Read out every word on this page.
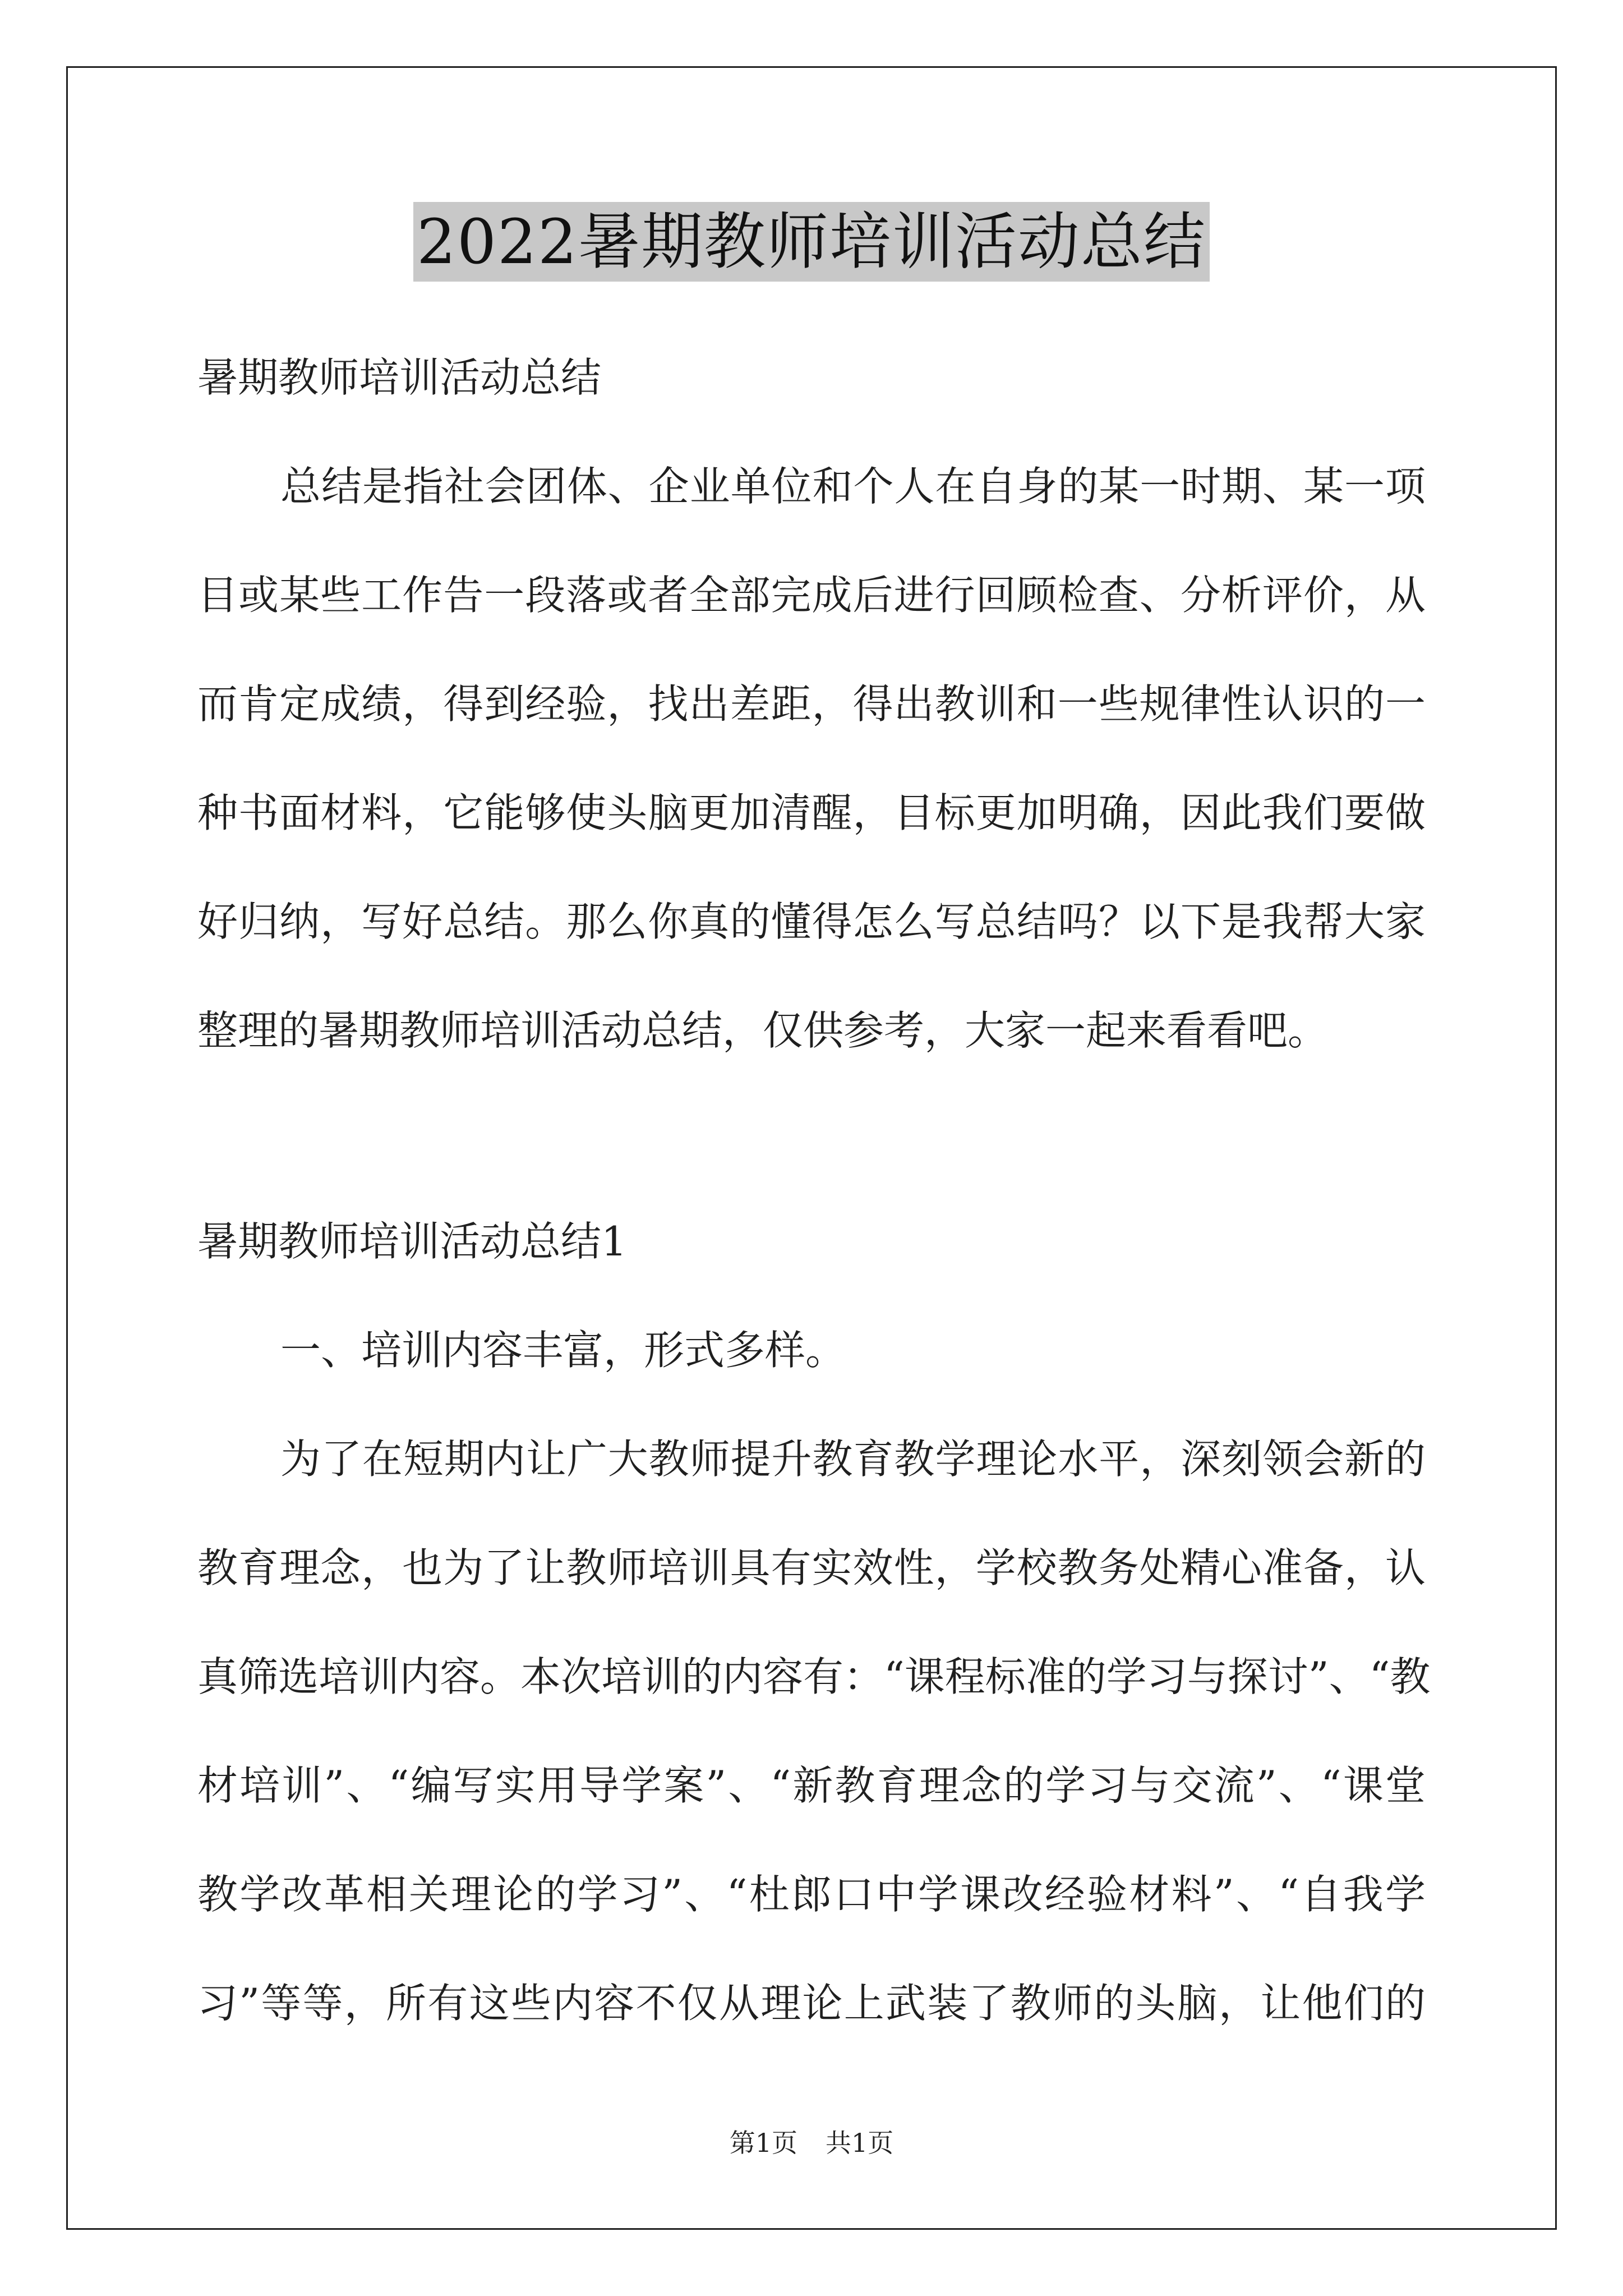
2022暑期教师培训活动总结
暑期教师培训活动总结
总结是指社会团体、企业单位和个人在自身的某一时期、某一项
目或某些工作告一段落或者全部完成后进行回顾检查、分析评价，从
而肯定成绩，得到经验，找出差距，得出教训和一些规律性认识的一
种书面材料，它能够使头脑更加清醒，目标更加明确，因此我们要做
好归纳，写好总结。那么你真的懂得怎么写总结吗？以下是我帮大家
整理的暑期教师培训活动总结，仅供参考，大家一起来看看吧。
暑期教师培训活动总结1
一、培训内容丰富，形式多样。
为了在短期内让广大教师提升教育教学理论水平，深刻领会新的
教育理念，也为了让教师培训具有实效性，学校教务处精心准备，认
真筛选培训内容。本次培训的内容有：“课程标准的学习与探讨”、“教
材培训”、“编写实用导学案”、“新教育理念的学习与交流”、“课堂
教学改革相关理论的学习”、“杜郎口中学课改经验材料”、“自我学
习”等等，所有这些内容不仅从理论上武装了教师的头脑，让他们的
第1页 共1页
